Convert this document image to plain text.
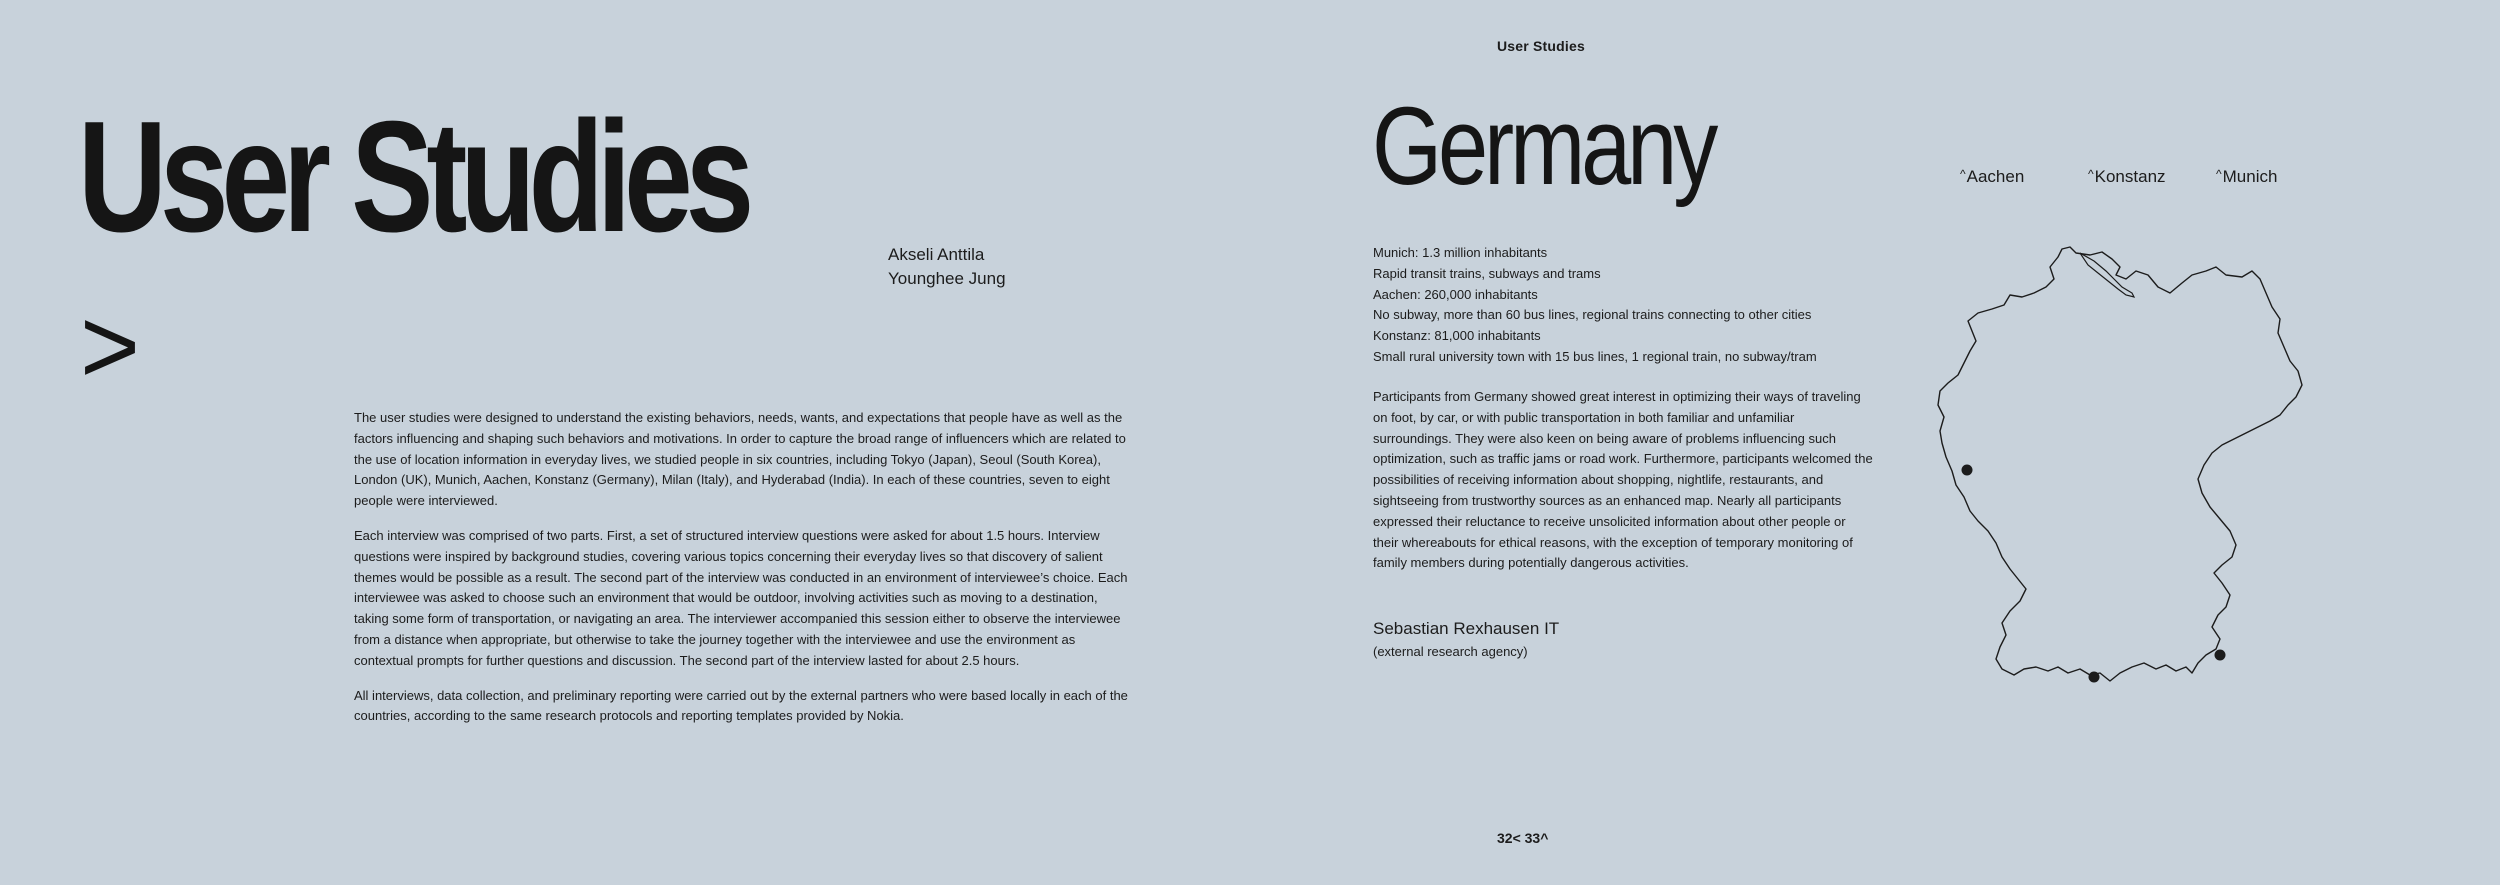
User Studies
User Studies
>
Akseli Anttila
Younghee Jung

The user studies were designed to understand the existing behaviors, needs, wants, and expectations that people have as well as the factors influencing and shaping such behaviors and motivations. In order to capture the broad range of influencers which are related to the use of location information in everyday lives, we studied people in six countries, including Tokyo (Japan), Seoul (South Korea), London (UK), Munich, Aachen, Konstanz (Germany), Milan (Italy), and Hyderabad (India). In each of these countries, seven to eight people were interviewed.

Each interview was comprised of two parts. First, a set of structured interview questions were asked for about 1.5 hours. Interview questions were inspired by background studies, covering various topics concerning their everyday lives so that discovery of salient themes would be possible as a result. The second part of the interview was conducted in an environment of interviewee’s choice. Each interviewee was asked to choose such an environment that would be outdoor, involving activities such as moving to a destination, taking some form of transportation, or navigating an area. The interviewer accompanied this session either to observe the interviewee from a distance when appropriate, but otherwise to take the journey together with the interviewee and use the environment as contextual prompts for further questions and discussion. The second part of the interview lasted for about 2.5 hours.

All interviews, data collection, and preliminary reporting were carried out by the external partners who were based locally in each of the countries, according to the same research protocols and reporting templates provided by Nokia.

Germany	^Aachen	^Konstanz	^Munich
Munich: 1.3 million inhabitants
Rapid transit trains, subways and trams
Aachen: 260,000 inhabitants
No subway, more than 60 bus lines, regional trains connecting to other cities
Konstanz: 81,000 inhabitants
Small rural university town with 15 bus lines, 1 regional train, no subway/tram
Participants from Germany showed great interest in optimizing their ways of traveling on foot, by car, or with public transportation in both familiar and unfamiliar surroundings. They were also keen on being aware of problems influencing such optimization, such as traffic jams or road work. Furthermore, participants welcomed the possibilities of receiving information about shopping, nightlife, restaurants, and sightseeing from trustworthy sources as an enhanced map. Nearly all participants expressed their reluctance to receive unsolicited information about other people or their whereabouts for ethical reasons, with the exception of temporary monitoring of family members during potentially dangerous activities.
Sebastian Rexhausen IT
(external research agency)
32< 33^
